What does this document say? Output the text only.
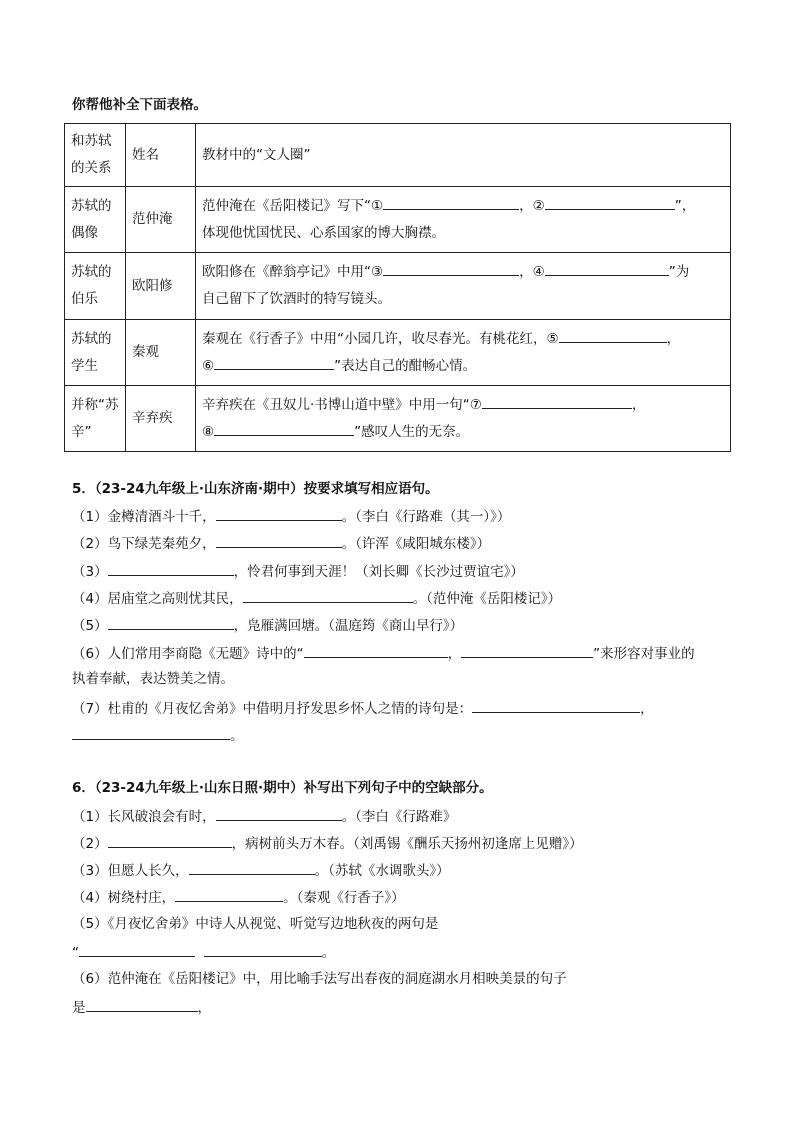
你帮他补全下面表格。
和苏轼的关系	姓名	教材中的“文人圈”
苏轼的偶像	范仲淹	范仲淹在《岳阳楼记》写下“① ，② ”，
体现他忧国忧民、心系国家的博大胸襟。
苏轼的伯乐	欧阳修	欧阳修在《醉翁亭记》中用“③ ，④ ”为
自己留下了饮酒时的特写镜头。
苏轼的学生	秦观	秦观在《行香子》中用“小园几许，收尽春光。有桃花红，⑤ ，
⑥ ”表达自己的酣畅心情。
并称“苏辛”	辛弃疾	辛弃疾在《丑奴儿·书博山道中壁》中用一句“⑦ ，
⑧ ”感叹人生的无奈。
5．（23-24九年级上·山东济南·期中）按要求填写相应语句。
（1）金樽清酒斗十千，	。（李白《行路难（其一）》）
（2）鸟下绿芜秦苑夕，	。（许浑《咸阳城东楼》）
（3）	，怜君何事到天涯！（刘长卿《长沙过贾谊宅》）
（4）居庙堂之高则忧其民，	。（范仲淹《岳阳楼记》）
（5）	，凫雁满回塘。（温庭筠《商山早行》）
（6）人们常用李商隐《无题》诗中的“	，	”来形容对事业的
执着奉献，表达赞美之情。
（7）杜甫的《月夜忆舍弟》中借明月抒发思乡怀人之情的诗句是：	，
。
6．（23-24九年级上·山东日照·期中）补写出下列句子中的空缺部分。
（1）长风破浪会有时，	。（李白《行路难》
（2）	，病树前头万木春。（刘禹锡《酬乐天扬州初逢席上见赠》）
（3）但愿人长久，	。（苏轼《水调歌头》）
（4）树绕村庄，	。（秦观《行香子》）
（5）《月夜忆舍弟》中诗人从视觉、听觉写边地秋夜的两句是
“	。
（6）范仲淹在《岳阳楼记》中，用比喻手法写出春夜的洞庭湖水月相映美景的句子
是	，
